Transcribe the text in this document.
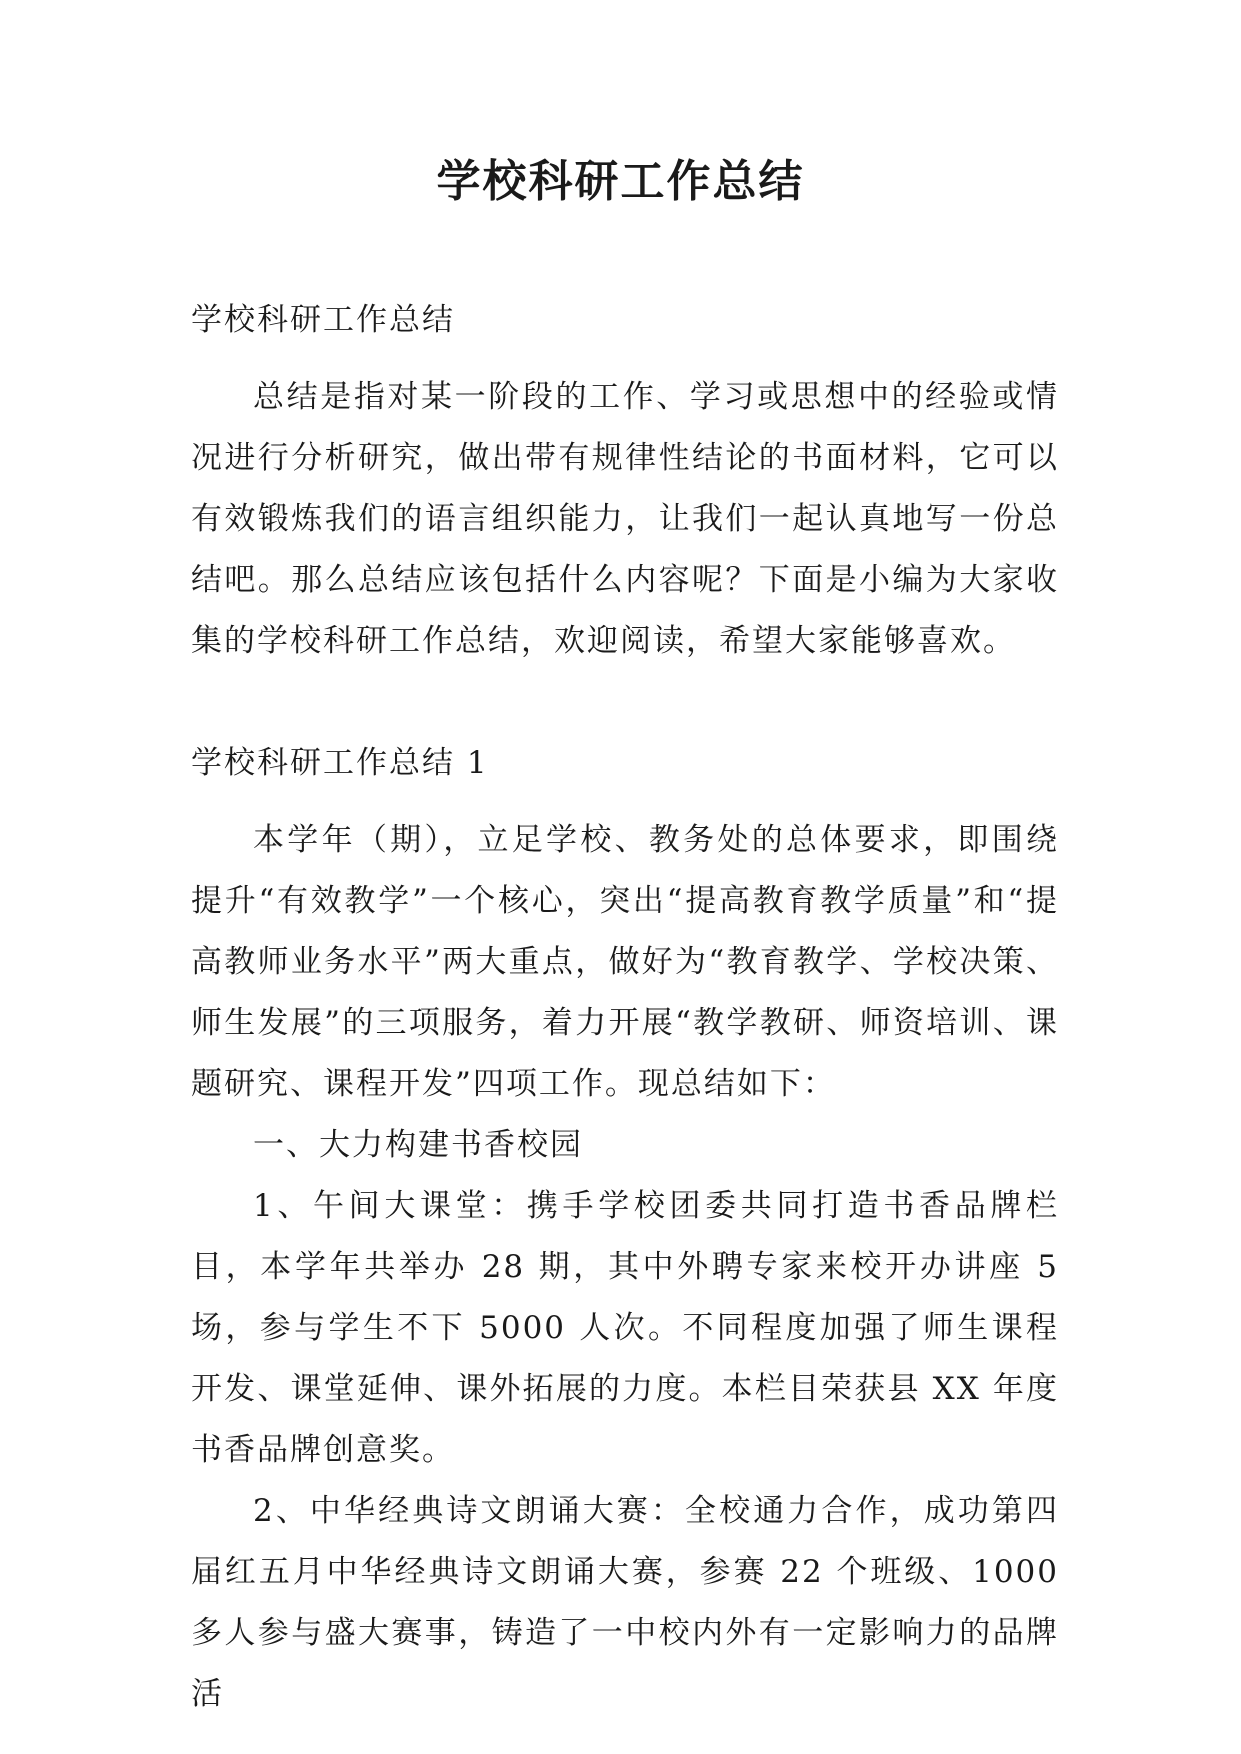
学校科研工作总结

学校科研工作总结

总结是指对某一阶段的工作、学习或思想中的经验或情况进行分析研究，做出带有规律性结论的书面材料，它可以有效锻炼我们的语言组织能力，让我们一起认真地写一份总结吧。那么总结应该包括什么内容呢？下面是小编为大家收集的学校科研工作总结，欢迎阅读，希望大家能够喜欢。

学校科研工作总结 1

本学年（期），立足学校、教务处的总体要求，即围绕提升“有效教学”一个核心，突出“提高教育教学质量”和“提高教师业务水平”两大重点，做好为“教育教学、学校决策、师生发展”的三项服务，着力开展“教学教研、师资培训、课题研究、课程开发”四项工作。现总结如下：

一、大力构建书香校园

1、午间大课堂：携手学校团委共同打造书香品牌栏目，本学年共举办 28 期，其中外聘专家来校开办讲座 5 场，参与学生不下 5000 人次。不同程度加强了师生课程开发、课堂延伸、课外拓展的力度。本栏目荣获县 XX 年度书香品牌创意奖。

2、中华经典诗文朗诵大赛：全校通力合作，成功第四届红五月中华经典诗文朗诵大赛，参赛 22 个班级、1000 多人参与盛大赛事，铸造了一中校内外有一定影响力的品牌活
